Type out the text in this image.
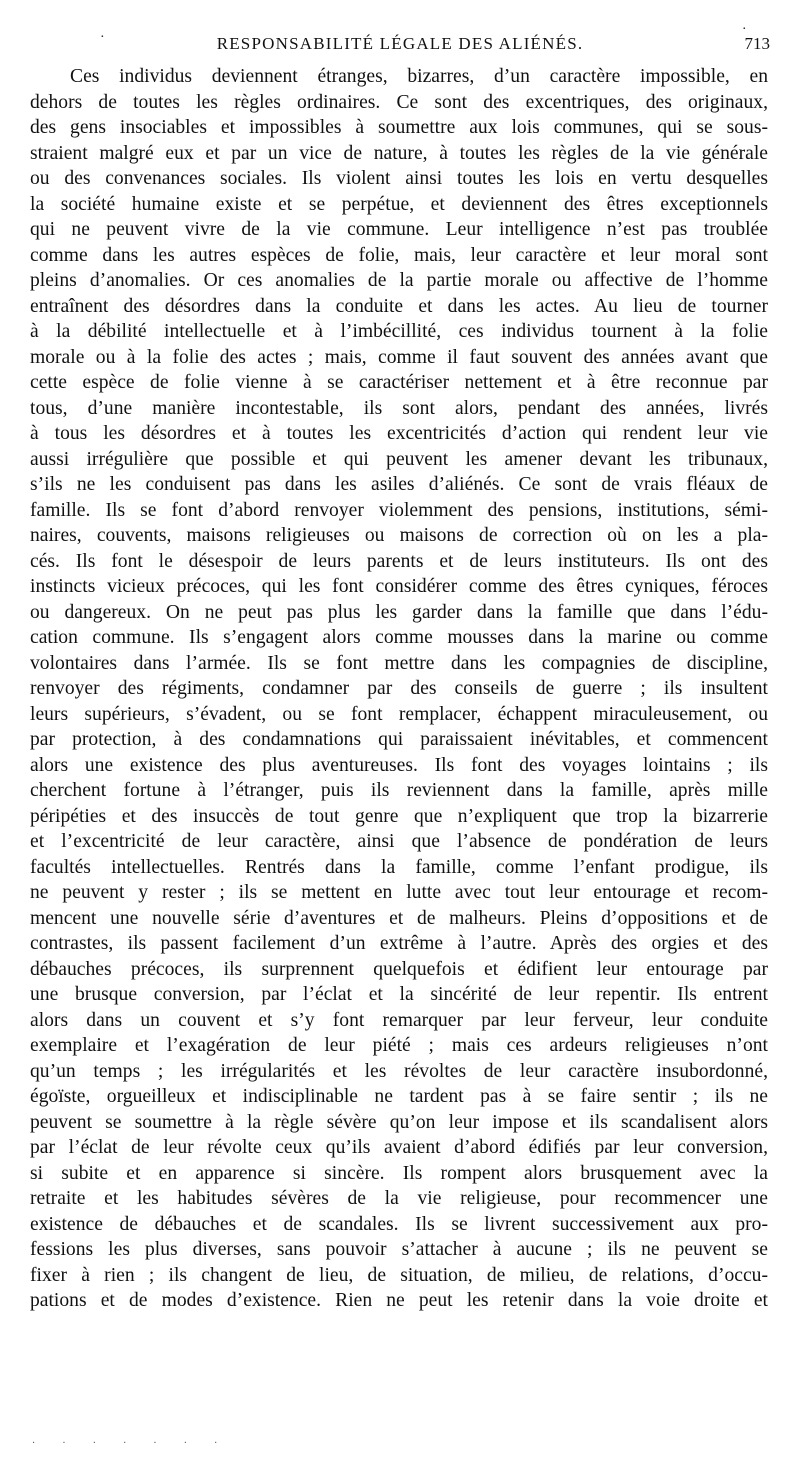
·	RESPONSABILITÉ LÉGALE DES ALIÉNÉS.
.
713
Ces individus deviennent étranges, bizarres, d’un caractère impossible, en
dehors de toutes les règles ordinaires. Ce sont des excentriques, des originaux,
des gens insociables et impossibles à soumettre aux lois communes, qui se sous-
straient malgré eux et par un vice de nature, à toutes les règles de la vie générale
ou des convenances sociales. Ils violent ainsi toutes les lois en vertu desquelles
la société humaine existe et se perpétue, et deviennent des êtres exceptionnels
qui ne peuvent vivre de la vie commune. Leur intelligence n’est pas troublée
comme dans les autres espèces de folie, mais, leur caractère et leur moral sont
pleins d’anomalies. Or ces anomalies de la partie morale ou affective de l’homme
entraînent des désordres dans la conduite et dans les actes. Au lieu de tourner
à la débilité intellectuelle et à l’imbécillité, ces individus tournent à la folie
morale ou à la folie des actes ; mais, comme il faut souvent des années avant que
cette espèce de folie vienne à se caractériser nettement et à être reconnue par
tous, d’une manière incontestable, ils sont alors, pendant des années, livrés
à tous les désordres et à toutes les excentricités d’action qui rendent leur vie
aussi irrégulière que possible et qui peuvent les amener devant les tribunaux,
s’ils ne les conduisent pas dans les asiles d’aliénés. Ce sont de vrais fléaux de
famille. Ils se font d’abord renvoyer violemment des pensions, institutions, sémi-
naires, couvents, maisons religieuses ou maisons de correction où on les a pla-
cés. Ils font le désespoir de leurs parents et de leurs instituteurs. Ils ont des
instincts vicieux précoces, qui les font considérer comme des êtres cyniques, féroces
ou dangereux. On ne peut pas plus les garder dans la famille que dans l’édu-
cation commune. Ils s’engagent alors comme mousses dans la marine ou comme
volontaires dans l’armée. Ils se font mettre dans les compagnies de discipline,
renvoyer des régiments, condamner par des conseils de guerre ; ils insultent
leurs supérieurs, s’évadent, ou se font remplacer, échappent miraculeusement, ou
par protection, à des condamnations qui paraissaient inévitables, et commencent
alors une existence des plus aventureuses. Ils font des voyages lointains ; ils
cherchent fortune à l’étranger, puis ils reviennent dans la famille, après mille
péripéties et des insuccès de tout genre que n’expliquent que trop la bizarrerie
et l’excentricité de leur caractère, ainsi que l’absence de pondération de leurs
facultés intellectuelles. Rentrés dans la famille, comme l’enfant prodigue, ils
ne peuvent y rester ; ils se mettent en lutte avec tout leur entourage et recom-
mencent une nouvelle série d’aventures et de malheurs. Pleins d’oppositions et de
contrastes, ils passent facilement d’un extrême à l’autre. Après des orgies et des
débauches précoces, ils surprennent quelquefois et édifient leur entourage par
une brusque conversion, par l’éclat et la sincérité de leur repentir. Ils entrent
alors dans un couvent et s’y font remarquer par leur ferveur, leur conduite
exemplaire et l’exagération de leur piété ; mais ces ardeurs religieuses n’ont
qu’un temps ; les irrégularités et les révoltes de leur caractère insubordonné,
égoïste, orgueilleux et indisciplinable ne tardent pas à se faire sentir ; ils ne
peuvent se soumettre à la règle sévère qu’on leur impose et ils scandalisent alors
par l’éclat de leur révolte ceux qu’ils avaient d’abord édifiés par leur conversion,
si subite et en apparence si sincère. Ils rompent alors brusquement avec la
retraite et les habitudes sévères de la vie religieuse, pour recommencer une
existence de débauches et de scandales. Ils se livrent successivement aux pro-
fessions les plus diverses, sans pouvoir s’attacher à aucune ; ils ne peuvent se
fixer à rien ; ils changent de lieu, de situation, de milieu, de relations, d’occu-
pations et de modes d’existence. Rien ne peut les retenir dans la voie droite et
· · · · · · ·
